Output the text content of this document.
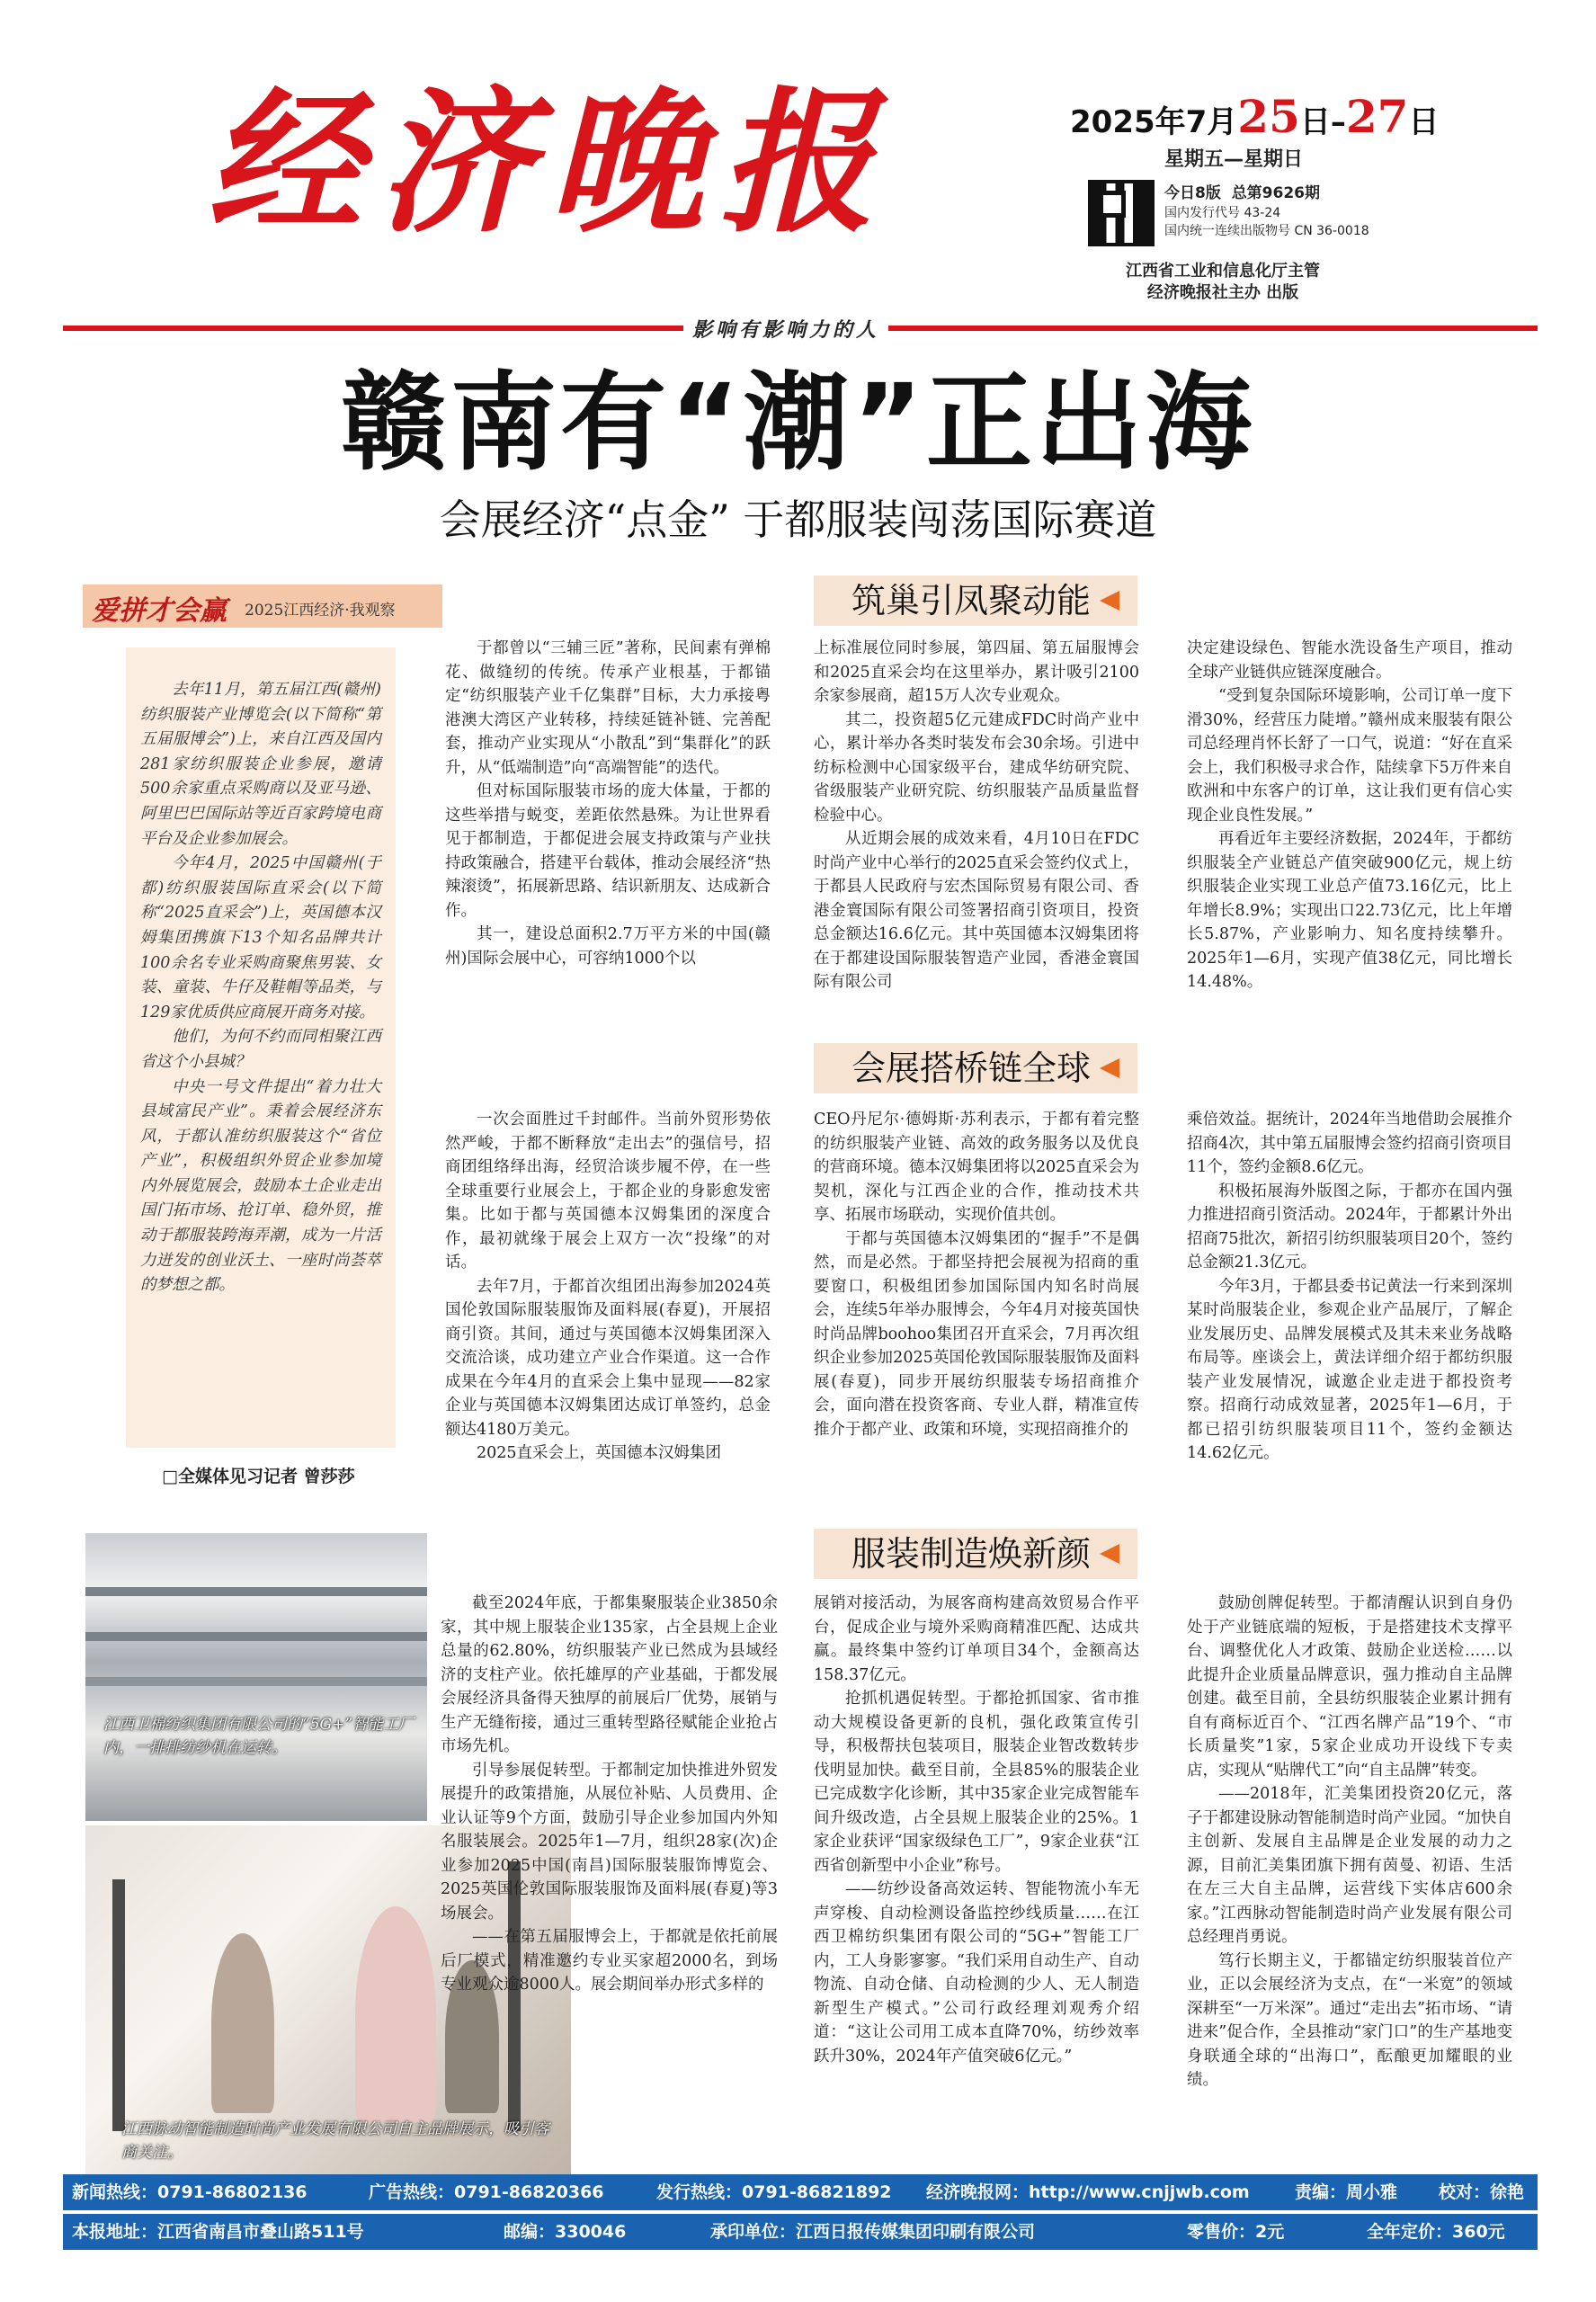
经济晚报	2025年7月25日–27日
星期五—星期日
今日8版 总第9626期
国内发行代号 43-24
国内统一连续出版物号 CN 36-0018
江西省工业和信息化厅主管
经济晚报社主办 出版
影响有影响力的人
赣南有“潮”正出海
会展经济“点金” 于都服装闯荡国际赛道
爱拼才会赢 2025江西经济·我观察

去年11月，第五届江西(赣州)纺织服装产业博览会(以下简称“第五届服博会”)上，来自江西及国内281家纺织服装企业参展，邀请500余家重点采购商以及亚马逊、阿里巴巴国际站等近百家跨境电商平台及企业参加展会。

今年4月，2025中国赣州(于都)纺织服装国际直采会(以下简称“2025直采会”)上，英国德本汉姆集团携旗下13个知名品牌共计100余名专业采购商聚焦男装、女装、童装、牛仔及鞋帽等品类，与129家优质供应商展开商务对接。

他们，为何不约而同相聚江西省这个小县城？

中央一号文件提出“着力壮大县域富民产业”。秉着会展经济东风，于都认准纺织服装这个“省位产业”，积极组织外贸企业参加境内外展览展会，鼓励本土企业走出国门拓市场、抢订单、稳外贸，推动于都服装跨海弄潮，成为一片活力迸发的创业沃土、一座时尚荟萃的梦想之都。

□全媒体见习记者 曾莎莎
筑巢引凤聚动能

于都曾以“三辅三匠”著称，民间素有弹棉花、做缝纫的传统。传承产业根基，于都锚定“纺织服装产业千亿集群”目标，大力承接粤港澳大湾区产业转移，持续延链补链、完善配套，推动产业实现从“小散乱”到“集群化”的跃升，从“低端制造”向“高端智能”的迭代。

但对标国际服装市场的庞大体量，于都的这些举措与蜕变，差距依然悬殊。为让世界看见于都制造，于都促进会展支持政策与产业扶持政策融合，搭建平台载体，推动会展经济“热辣滚烫”，拓展新思路、结识新朋友、达成新合作。

其一，建设总面积2.7万平方米的中国(赣州)国际会展中心，可容纳1000个以

上标准展位同时参展，第四届、第五届服博会和2025直采会均在这里举办，累计吸引2100余家参展商，超15万人次专业观众。

其二，投资超5亿元建成FDC时尚产业中心，累计举办各类时装发布会30余场。引进中纺标检测中心国家级平台，建成华纺研究院、省级服装产业研究院、纺织服装产品质量监督检验中心。

从近期会展的成效来看，4月10日在FDC时尚产业中心举行的2025直采会签约仪式上，于都县人民政府与宏杰国际贸易有限公司、香港金寰国际有限公司签署招商引资项目，投资总金额达16.6亿元。其中英国德本汉姆集团将在于都建设国际服装智造产业园，香港金寰国际有限公司

决定建设绿色、智能水洗设备生产项目，推动全球产业链供应链深度融合。

“受到复杂国际环境影响，公司订单一度下滑30%，经营压力陡增。”赣州成来服装有限公司总经理肖怀长舒了一口气，说道：“好在直采会上，我们积极寻求合作，陆续拿下5万件来自欧洲和中东客户的订单，这让我们更有信心实现企业良性发展。”

再看近年主要经济数据，2024年，于都纺织服装全产业链总产值突破900亿元，规上纺织服装企业实现工业总产值73.16亿元，比上年增长8.9%；实现出口22.73亿元，比上年增长5.87%，产业影响力、知名度持续攀升。2025年1—6月，实现产值38亿元，同比增长14.48%。

会展搭桥链全球

一次会面胜过千封邮件。当前外贸形势依然严峻，于都不断释放“走出去”的强信号，招商团组络绎出海，经贸洽谈步履不停，在一些全球重要行业展会上，于都企业的身影愈发密集。比如于都与英国德本汉姆集团的深度合作，最初就缘于展会上双方一次“投缘”的对话。

去年7月，于都首次组团出海参加2024英国伦敦国际服装服饰及面料展(春夏)，开展招商引资。其间，通过与英国德本汉姆集团深入交流洽谈，成功建立产业合作渠道。这一合作成果在今年4月的直采会上集中显现——82家企业与英国德本汉姆集团达成订单签约，总金额达4180万美元。

2025直采会上，英国德本汉姆集团

CEO丹尼尔·德姆斯·苏利表示，于都有着完整的纺织服装产业链、高效的政务服务以及优良的营商环境。德本汉姆集团将以2025直采会为契机，深化与江西企业的合作，推动技术共享、拓展市场联动，实现价值共创。

于都与英国德本汉姆集团的“握手”不是偶然，而是必然。于都坚持把会展视为招商的重要窗口，积极组团参加国际国内知名时尚展会，连续5年举办服博会，今年4月对接英国快时尚品牌boohoo集团召开直采会，7月再次组织企业参加2025英国伦敦国际服装服饰及面料展(春夏)，同步开展纺织服装专场招商推介会，面向潜在投资客商、专业人群，精准宣传推介于都产业、政策和环境，实现招商推介的

乘倍效益。据统计，2024年当地借助会展推介招商4次，其中第五届服博会签约招商引资项目11个，签约金额8.6亿元。

积极拓展海外版图之际，于都亦在国内强力推进招商引资活动。2024年，于都累计外出招商75批次，新招引纺织服装项目20个，签约总金额21.3亿元。

今年3月，于都县委书记黄法一行来到深圳某时尚服装企业，参观企业产品展厅，了解企业发展历史、品牌发展模式及其未来业务战略布局等。座谈会上，黄法详细介绍于都纺织服装产业发展情况，诚邀企业走进于都投资考察。招商行动成效显著，2025年1—6月，于都已招引纺织服装项目11个，签约金额达14.62亿元。

服装制造焕新颜
江西卫棉纺织集团有限公司的“5G+”智能工厂内，一排排纺纱机在运转。
江西脉动智能制造时尚产业发展有限公司自主品牌展示，吸引客商关注。

截至2024年底，于都集聚服装企业3850余家，其中规上服装企业135家，占全县规上企业总量的62.80%，纺织服装产业已然成为县域经济的支柱产业。依托雄厚的产业基础，于都发展会展经济具备得天独厚的前展后厂优势，展销与生产无缝衔接，通过三重转型路径赋能企业抢占市场先机。

引导参展促转型。于都制定加快推进外贸发展提升的政策措施，从展位补贴、人员费用、企业认证等9个方面，鼓励引导企业参加国内外知名服装展会。2025年1—7月，组织28家(次)企业参加2025中国(南昌)国际服装服饰博览会、2025英国伦敦国际服装服饰及面料展(春夏)等3场展会。

——在第五届服博会上，于都就是依托前展后厂模式，精准邀约专业买家超2000名，到场专业观众逾8000人。展会期间举办形式多样的

展销对接活动，为展客商构建高效贸易合作平台，促成企业与境外采购商精准匹配、达成共赢。最终集中签约订单项目34个，金额高达158.37亿元。

抢抓机遇促转型。于都抢抓国家、省市推动大规模设备更新的良机，强化政策宣传引导，积极帮扶包装项目，服装企业智改数转步伐明显加快。截至目前，全县85%的服装企业已完成数字化诊断，其中35家企业完成智能车间升级改造，占全县规上服装企业的25%。1家企业获评“国家级绿色工厂”，9家企业获“江西省创新型中小企业”称号。

——纺纱设备高效运转、智能物流小车无声穿梭、自动检测设备监控纱线质量……在江西卫棉纺织集团有限公司的“5G+”智能工厂内，工人身影寥寥。“我们采用自动生产、自动物流、自动仓储、自动检测的少人、无人制造新型生产模式。”公司行政经理刘观秀介绍道：“这让公司用工成本直降70%，纺纱效率跃升30%，2024年产值突破6亿元。”

鼓励创牌促转型。于都清醒认识到自身仍处于产业链底端的短板，于是搭建技术支撑平台、调整优化人才政策、鼓励企业送检……以此提升企业质量品牌意识，强力推动自主品牌创建。截至目前，全县纺织服装企业累计拥有自有商标近百个、“江西名牌产品”19个、“市长质量奖”1家，5家企业成功开设线下专卖店，实现从“贴牌代工”向“自主品牌”转变。

——2018年，汇美集团投资20亿元，落子于都建设脉动智能制造时尚产业园。“加快自主创新、发展自主品牌是企业发展的动力之源，目前汇美集团旗下拥有茵曼、初语、生活在左三大自主品牌，运营线下实体店600余家。”江西脉动智能制造时尚产业发展有限公司总经理肖勇说。

笃行长期主义，于都锚定纺织服装首位产业，正以会展经济为支点，在“一米宽”的领域深耕至“一万米深”。通过“走出去”拓市场、“请进来”促合作，全县推动“家门口”的生产基地变身联通全球的“出海口”，酝酿更加耀眼的业绩。

新闻热线：0791-86802136	广告热线：0791-86820366	发行热线：0791-86821892 经济晚报网：http://www.cnjjwb.com	责编：周小雅 校对：徐艳
本报地址：江西省南昌市叠山路511号	邮编：330046	承印单位：江西日报传媒集团印刷有限公司	零售价：2元	全年定价：360元
